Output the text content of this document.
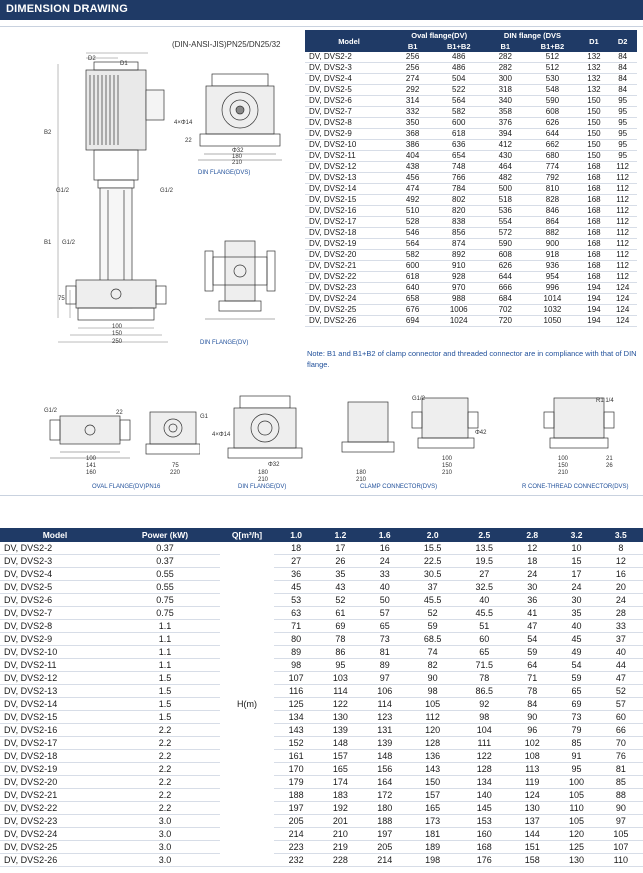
DIMENSION DRAWING
D2
D1
B2
B1
G1/2	G1/2
G1/2
75
100
150
250
(DIN-ANSI-JIS)PN25/DN25/32
4×Φ14
22
Φ32
180
210
DIN FLANGE(DVS)
DIN FLANGE(DV)
Model	Oval flange(DV)		DIN flange (DVS		D1	D2
	B1	B1+B2	B1	B1+B2		
DV, DVS2-2	256	486	282	512	132	84
DV, DVS2-3	256	486	282	512	132	84
DV, DVS2-4	274	504	300	530	132	84
DV, DVS2-5	292	522	318	548	132	84
DV, DVS2-6	314	564	340	590	150	95
DV, DVS2-7	332	582	358	608	150	95
DV, DVS2-8	350	600	376	626	150	95
DV, DVS2-9	368	618	394	644	150	95
DV, DVS2-10	386	636	412	662	150	95
DV, DVS2-11	404	654	430	680	150	95
DV, DVS2-12	438	748	464	774	168	112
DV, DVS2-13	456	766	482	792	168	112
DV, DVS2-14	474	784	500	810	168	112
DV, DVS2-15	492	802	518	828	168	112
DV, DVS2-16	510	820	536	846	168	112
DV, DVS2-17	528	838	554	864	168	112
DV, DVS2-18	546	856	572	882	168	112
DV, DVS2-19	564	874	590	900	168	112
DV, DVS2-20	582	892	608	918	168	112
DV, DVS2-21	600	910	626	936	168	112
DV, DVS2-22	618	928	644	954	168	112
DV, DVS2-23	640	970	666	996	194	124
DV, DVS2-24	658	988	684	1014	194	124
DV, DVS2-25	676	1006	702	1032	194	124
DV, DVS2-26	694	1024	720	1050	194	124
Note: B1 and B1+B2 of clamp connector and threaded connector are in compliance with that of DIN flange.
G1/2
G1
22
100
141
160
75
220
OVAL FLANGE(DV)PN16
4×Φ14
Φ32
180
210
DIN FLANGE(DV)
180
210
G1/2
100
150
210
Φ42
CLAMP CONNECTOR(DVS)
R1 1/4
100
150
210
21
26
R CONE-THREAD CONNECTOR(DVS)
Model	Power (kW)	Q[m³/h]	1.0	1.2	1.6	2.0	2.5	2.8	3.2	3.5
DV, DVS2-2	0.37	H(m)	18	17	16	15.5	13.5	12	10	8
DV, DVS2-3	0.37		27	26	24	22.5	19.5	18	15	12
DV, DVS2-4	0.55		36	35	33	30.5	27	24	17	16
DV, DVS2-5	0.55		45	43	40	37	32.5	30	24	20
DV, DVS2-6	0.75		53	52	50	45.5	40	36	30	24
DV, DVS2-7	0.75		63	61	57	52	45.5	41	35	28
DV, DVS2-8	1.1		71	69	65	59	51	47	40	33
DV, DVS2-9	1.1		80	78	73	68.5	60	54	45	37
DV, DVS2-10	1.1		89	86	81	74	65	59	49	40
DV, DVS2-11	1.1		98	95	89	82	71.5	64	54	44
DV, DVS2-12	1.5		107	103	97	90	78	71	59	47
DV, DVS2-13	1.5		116	114	106	98	86.5	78	65	52
DV, DVS2-14	1.5		125	122	114	105	92	84	69	57
DV, DVS2-15	1.5		134	130	123	112	98	90	73	60
DV, DVS2-16	2.2		143	139	131	120	104	96	79	66
DV, DVS2-17	2.2		152	148	139	128	111	102	85	70
DV, DVS2-18	2.2		161	157	148	136	122	108	91	76
DV, DVS2-19	2.2		170	165	156	143	128	113	95	81
DV, DVS2-20	2.2		179	174	164	150	134	119	100	85
DV, DVS2-21	2.2		188	183	172	157	140	124	105	88
DV, DVS2-22	2.2		197	192	180	165	145	130	110	90
DV, DVS2-23	3.0		205	201	188	173	153	137	105	97
DV, DVS2-24	3.0		214	210	197	181	160	144	120	105
DV, DVS2-25	3.0		223	219	205	189	168	151	125	107
DV, DVS2-26	3.0		232	228	214	198	176	158	130	110
